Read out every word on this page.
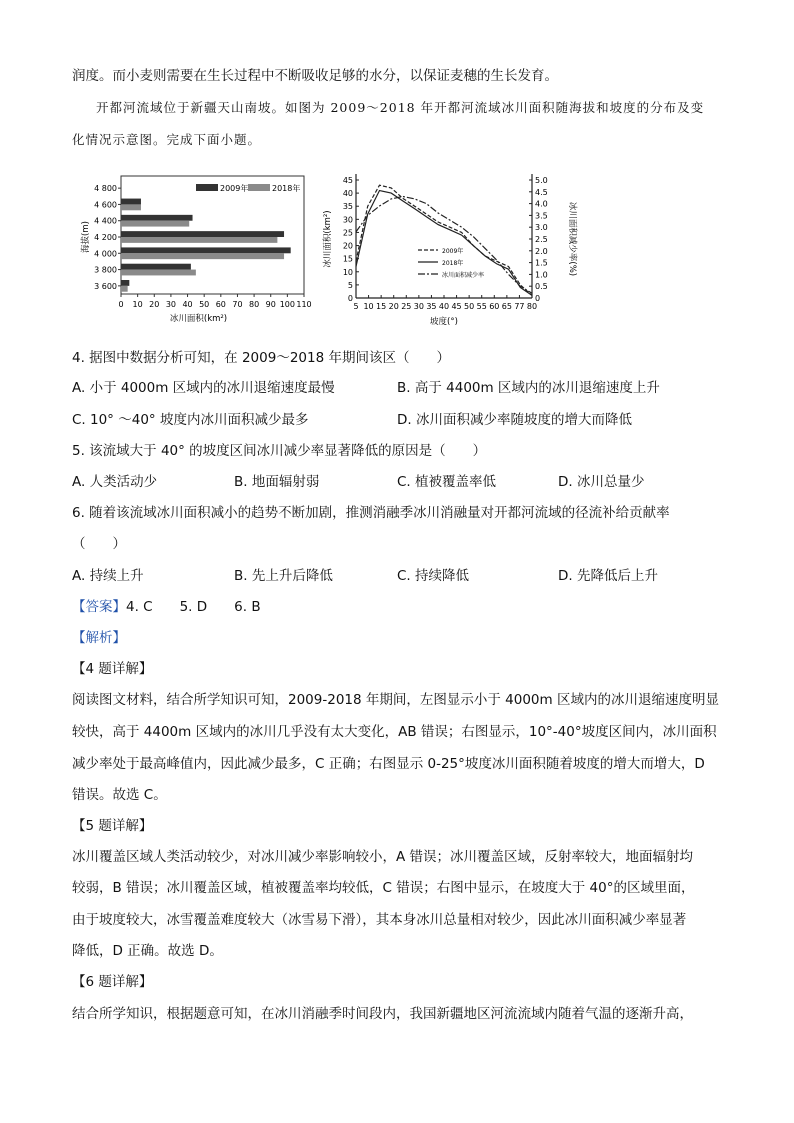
润度。而小麦则需要在生长过程中不断吸收足够的水分，以保证麦穗的生长发育。
开都河流域位于新疆天山南坡。如图为 2009～2018 年开都河流域冰川面积随海拔和坡度的分布及变
化情况示意图。完成下面小题。
4 800
4 600
4 400
4 200
4 000
3 800
3 600
0 10 20 30 40 50 60 70 80 90 100 110
冰川面积(km²)
海拔(m)
2009年	2018年
0
5
10
15
20
25
30
35
40
45
0
0.5
1.0
1.5
2.0
2.5
3.0
3.5
4.0
4.5
5.0
5 10 15 20 25 30 35 40 45 50 55 60 65 77 80
2009年
2018年
冰川面积减少率
坡度(°)
冰川面积(km²)	冰川面积减少率(%)
4. 据图中数据分析可知，在 2009～2018 年期间该区（　　）
A. 小于 4000m 区域内的冰川退缩速度最慢	B. 高于 4400m 区域内的冰川退缩速度上升
C. 10° ～40° 坡度内冰川面积减少最多	D. 冰川面积减少率随坡度的增大而降低
5. 该流域大于 40° 的坡度区间冰川减少率显著降低的原因是（　　）
A. 人类活动少	B. 地面辐射弱	C. 植被覆盖率低	D. 冰川总量少
6. 随着该流域冰川面积减小的趋势不断加剧，推测消融季冰川消融量对开都河流域的径流补给贡献率
（　　）
A. 持续上升	B. 先上升后降低	C. 持续降低	D. 先降低后上升
【答案】4. C　　5. D　　6. B
【解析】
【4 题详解】
阅读图文材料，结合所学知识可知，2009-2018 年期间，左图显示小于 4000m 区域内的冰川退缩速度明显
较快，高于 4400m 区域内的冰川几乎没有太大变化，AB 错误；右图显示，10°-40°坡度区间内，冰川面积
减少率处于最高峰值内，因此减少最多，C 正确；右图显示 0-25°坡度冰川面积随着坡度的增大而增大，D
错误。故选 C。
【5 题详解】
冰川覆盖区域人类活动较少，对冰川减少率影响较小，A 错误；冰川覆盖区域，反射率较大，地面辐射均
较弱，B 错误；冰川覆盖区域，植被覆盖率均较低，C 错误；右图中显示，在坡度大于 40°的区域里面，
由于坡度较大，冰雪覆盖难度较大（冰雪易下滑），其本身冰川总量相对较少，因此冰川面积减少率显著
降低，D 正确。故选 D。
【6 题详解】
结合所学知识，根据题意可知，在冰川消融季时间段内，我国新疆地区河流流域内随着气温的逐渐升高，
